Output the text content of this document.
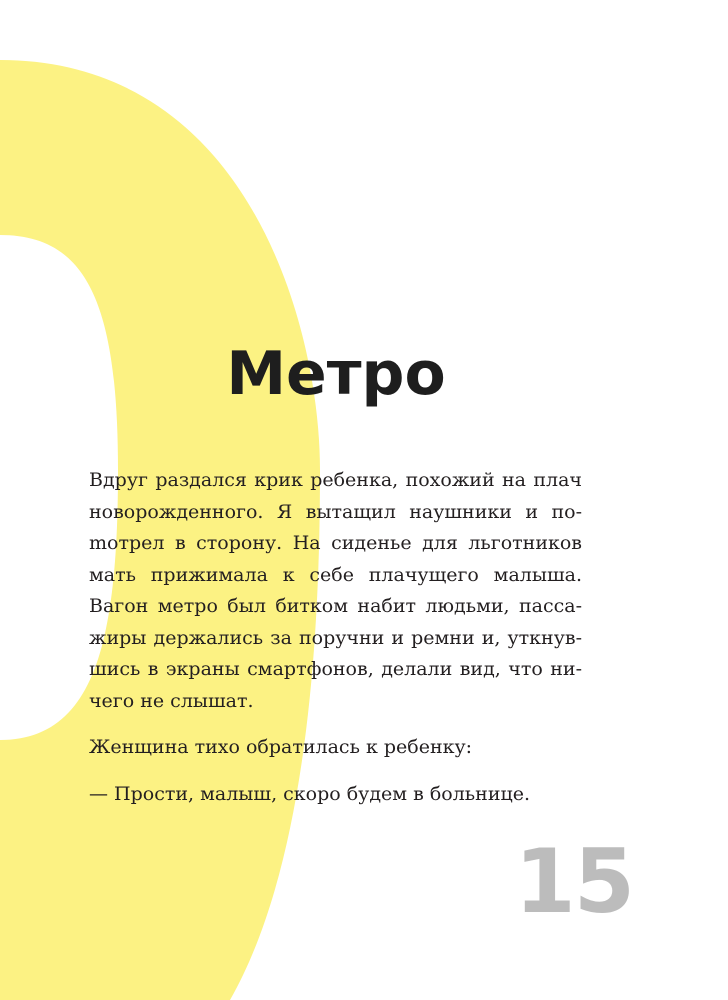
Метро

Вдруг раздался крик ребенка, похожий на плач новорожденного. Я вытащил наушники и поmотрел в сторону. На сиденье для льготников мать прижимала к себе плачущего малыша. Вагон метро был битком набит людьми, пассажиры держались за поручни и ремни и, уткнувшись в экраны смартфонов, делали вид, что ничего не слышат.

Женщина тихо обратилась к ребенку:

— Прости, малыш, скоро будем в больнице.

15
